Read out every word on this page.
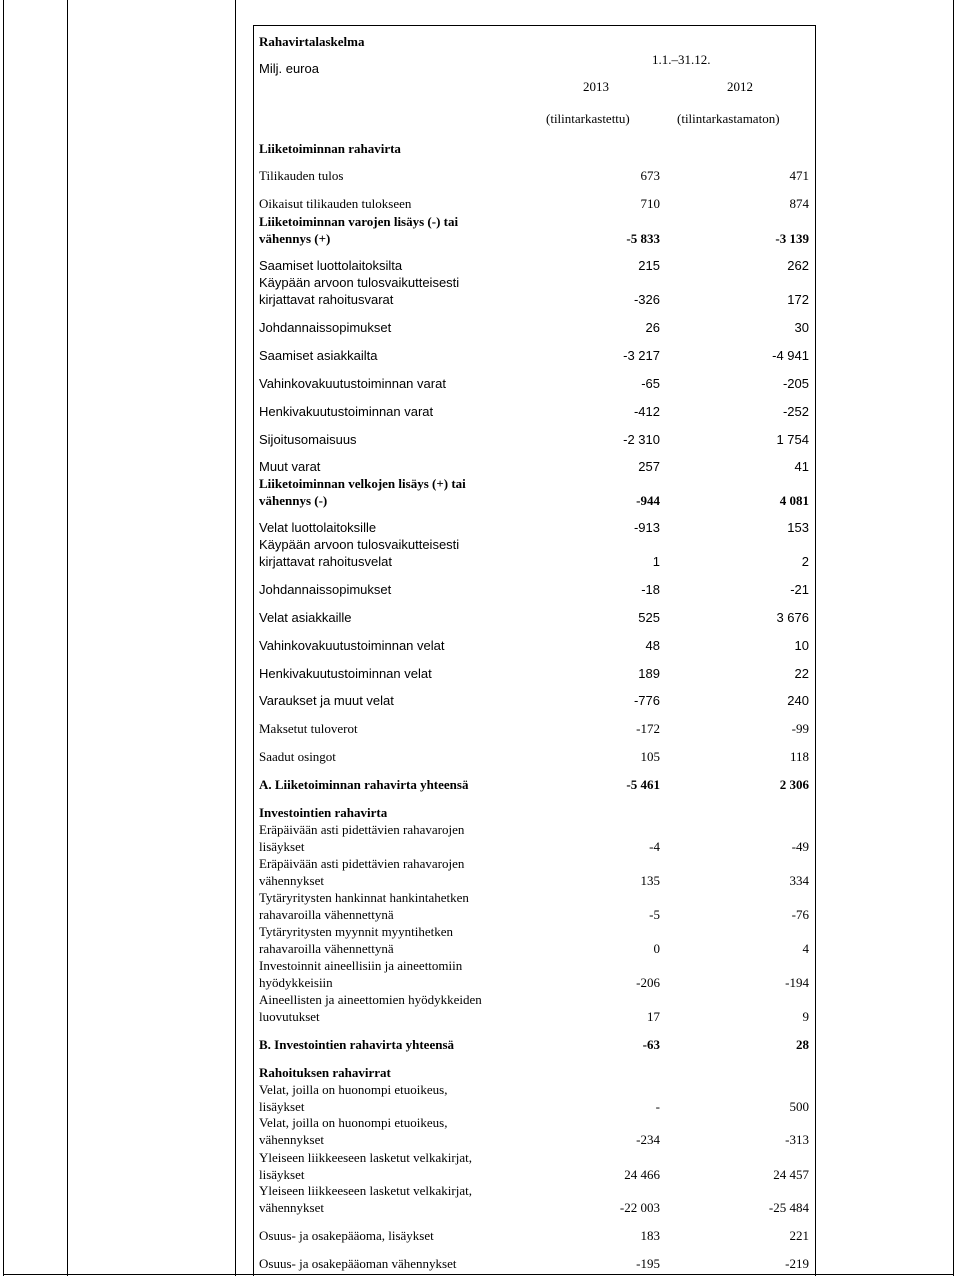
Rahavirtalaskelma
Milj. euroa
1.1.–31.12.
2013	2012
(tilintarkastettu)	(tilintarkastamaton)
Liiketoiminnan rahavirta
Tilikauden tulos	673	471
Oikaisut tilikauden tulokseen	710	874
Liiketoiminnan varojen lisäys (-) tai
vähennys (+)	-5 833	-3 139
Saamiset luottolaitoksilta	215	262
Käypään arvoon tulosvaikutteisesti
kirjattavat rahoitusvarat	-326	172
Johdannaissopimukset	26	30
Saamiset asiakkailta	-3 217	-4 941
Vahinkovakuutustoiminnan varat	-65	-205
Henkivakuutustoiminnan varat	-412	-252
Sijoitusomaisuus	-2 310	1 754
Muut varat	257	41
Liiketoiminnan velkojen lisäys (+) tai
vähennys (-)	-944	4 081
Velat luottolaitoksille	-913	153
Käypään arvoon tulosvaikutteisesti
kirjattavat rahoitusvelat	1	2
Johdannaissopimukset	-18	-21
Velat asiakkaille	525	3 676
Vahinkovakuutustoiminnan velat	48	10
Henkivakuutustoiminnan velat	189	22
Varaukset ja muut velat	-776	240
Maksetut tuloverot	-172	-99
Saadut osingot	105	118
A. Liiketoiminnan rahavirta yhteensä	-5 461	2 306
Investointien rahavirta
Eräpäivään asti pidettävien rahavarojen
lisäykset	-4	-49
Eräpäivään asti pidettävien rahavarojen
vähennykset	135	334
Tytäryritysten hankinnat hankintahetken
rahavaroilla vähennettynä	-5	-76
Tytäryritysten myynnit myyntihetken
rahavaroilla vähennettynä	0	4
Investoinnit aineellisiin ja aineettomiin
hyödykkeisiin	-206	-194
Aineellisten ja aineettomien hyödykkeiden
luovutukset	17	9
B. Investointien rahavirta yhteensä	-63	28
Rahoituksen rahavirrat
Velat, joilla on huonompi etuoikeus,
lisäykset	-	500
Velat, joilla on huonompi etuoikeus,
vähennykset	-234	-313
Yleiseen liikkeeseen lasketut velkakirjat,
lisäykset	24 466	24 457
Yleiseen liikkeeseen lasketut velkakirjat,
vähennykset	-22 003	-25 484
Osuus- ja osakepääoma, lisäykset	183	221
Osuus- ja osakepääoman vähennykset	-195	-219
